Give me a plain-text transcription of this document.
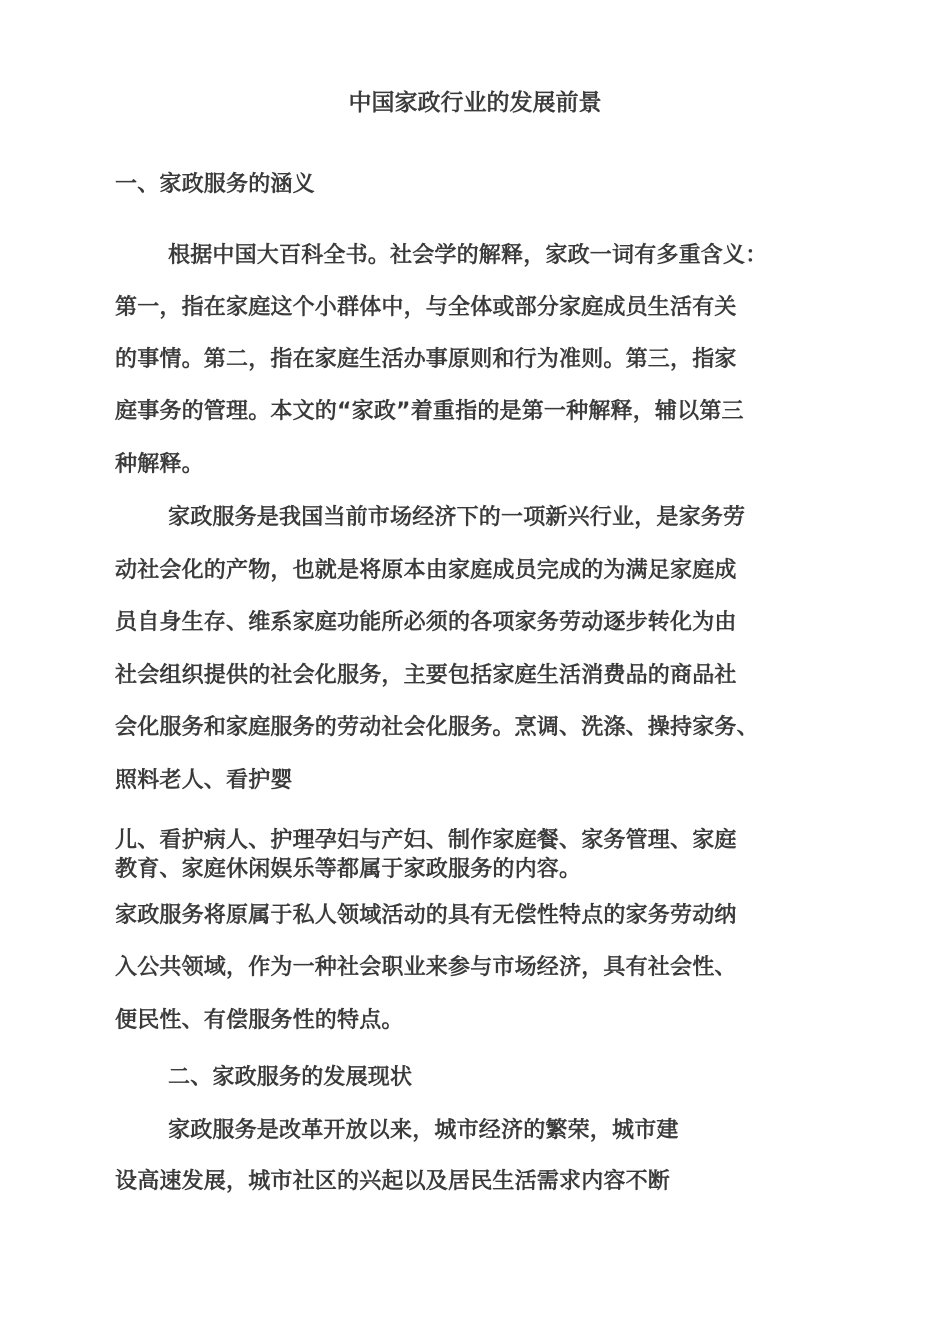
中国家政行业的发展前景
一、家政服务的涵义
根据中国大百科全书。社会学的解释，家政一词有多重含义：
第一，指在家庭这个小群体中，与全体或部分家庭成员生活有关
的事情。第二，指在家庭生活办事原则和行为准则。第三，指家
庭事务的管理。本文的“家政”着重指的是第一种解释，辅以第三
种解释。
家政服务是我国当前市场经济下的一项新兴行业，是家务劳
动社会化的产物，也就是将原本由家庭成员完成的为满足家庭成
员自身生存、维系家庭功能所必须的各项家务劳动逐步转化为由
社会组织提供的社会化服务，主要包括家庭生活消费品的商品社
会化服务和家庭服务的劳动社会化服务。烹调、洗涤、操持家务、
照料老人、看护婴
儿、看护病人、护理孕妇与产妇、制作家庭餐、家务管理、家庭
教育、家庭休闲娱乐等都属于家政服务的内容。
家政服务将原属于私人领域活动的具有无偿性特点的家务劳动纳
入公共领域，作为一种社会职业来参与市场经济，具有社会性、
便民性、有偿服务性的特点。
二、家政服务的发展现状
家政服务是改革开放以来，城市经济的繁荣，城市建
设高速发展，城市社区的兴起以及居民生活需求内容不断
